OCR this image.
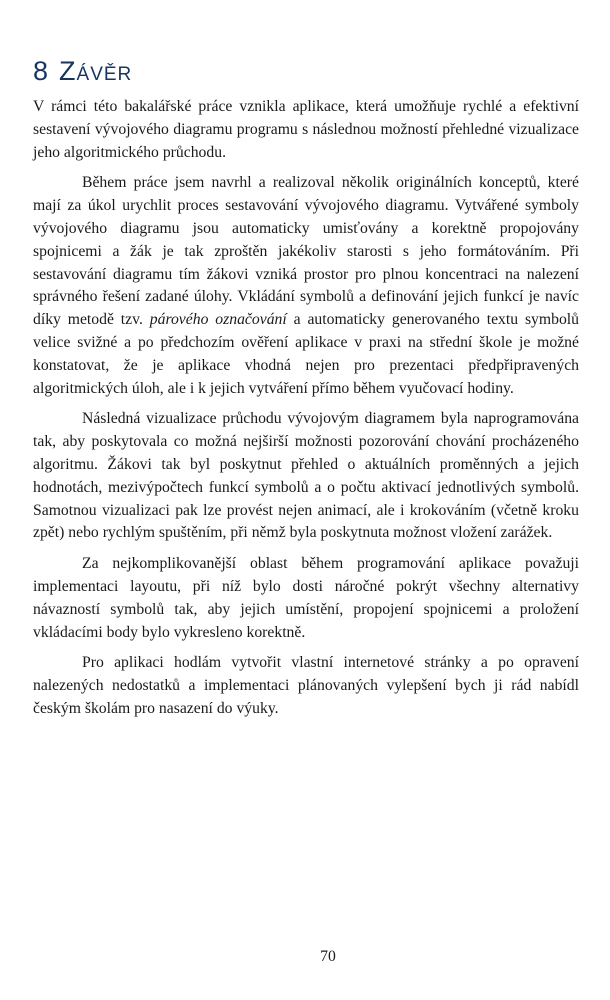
8 Závěr

V rámci této bakalářské práce vznikla aplikace, která umožňuje rychlé a efektivní sestavení vývojového diagramu programu s následnou možností přehledné vizualizace jeho algoritmického průchodu.

Během práce jsem navrhl a realizoval několik originálních konceptů, které mají za úkol urychlit proces sestavování vývojového diagramu. Vytvářené symboly vývojového diagramu jsou automaticky umisťovány a korektně propojovány spojnicemi a žák je tak zproštěn jakékoliv starosti s jeho formátováním. Při sestavování diagramu tím žákovi vzniká prostor pro plnou koncentraci na nalezení správného řešení zadané úlohy. Vkládání symbolů a definování jejich funkcí je navíc díky metodě tzv. párového označování a automaticky generovaného textu symbolů velice svižné a po předchozím ověření aplikace v praxi na střední škole je možné konstatovat, že je aplikace vhodná nejen pro prezentaci předpřipravených algoritmických úloh, ale i k jejich vytváření přímo během vyučovací hodiny.

Následná vizualizace průchodu vývojovým diagramem byla naprogramována tak, aby poskytovala co možná nejširší možnosti pozorování chování procházeného algoritmu. Žákovi tak byl poskytnut přehled o aktuálních proměnných a jejich hodnotách, mezivýpočtech funkcí symbolů a o počtu aktivací jednotlivých symbolů. Samotnou vizualizaci pak lze provést nejen animací, ale i krokováním (včetně kroku zpět) nebo rychlým spuštěním, při němž byla poskytnuta možnost vložení zarážek.

Za nejkomplikovanější oblast během programování aplikace považuji implementaci layoutu, při níž bylo dosti náročné pokrýt všechny alternativy návazností symbolů tak, aby jejich umístění, propojení spojnicemi a proložení vkládacími body bylo vykresleno korektně.

Pro aplikaci hodlám vytvořit vlastní internetové stránky a po opravení nalezených nedostatků a implementaci plánovaných vylepšení bych ji rád nabídl českým školám pro nasazení do výuky.

70
